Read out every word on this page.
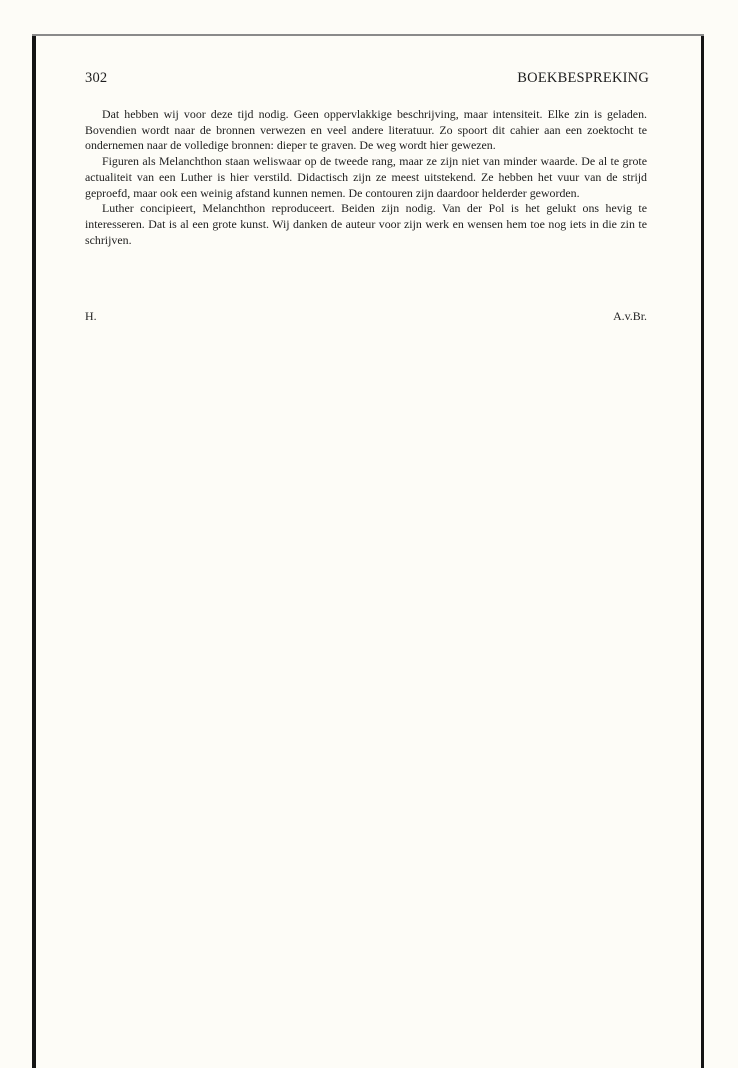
302	BOEKBESPREKING

Dat hebben wij voor deze tijd nodig. Geen oppervlakkige beschrijving, maar intensiteit. Elke zin is geladen. Bovendien wordt naar de bronnen verwezen en veel andere literatuur. Zo spoort dit cahier aan een zoektocht te ondernemen naar de volledige bronnen: dieper te graven. De weg wordt hier gewezen.

Figuren als Melanchthon staan weliswaar op de tweede rang, maar ze zijn niet van minder waarde. De al te grote actualiteit van een Luther is hier verstild. Didactisch zijn ze meest uitstekend. Ze hebben het vuur van de strijd geproefd, maar ook een weinig afstand kunnen nemen. De contouren zijn daardoor helderder geworden.

Luther concipieert, Melanchthon reproduceert. Beiden zijn nodig. Van der Pol is het gelukt ons hevig te interesseren. Dat is al een grote kunst. Wij danken de auteur voor zijn werk en wensen hem toe nog iets in die zin te schrijven.

H.	A.v.Br.
